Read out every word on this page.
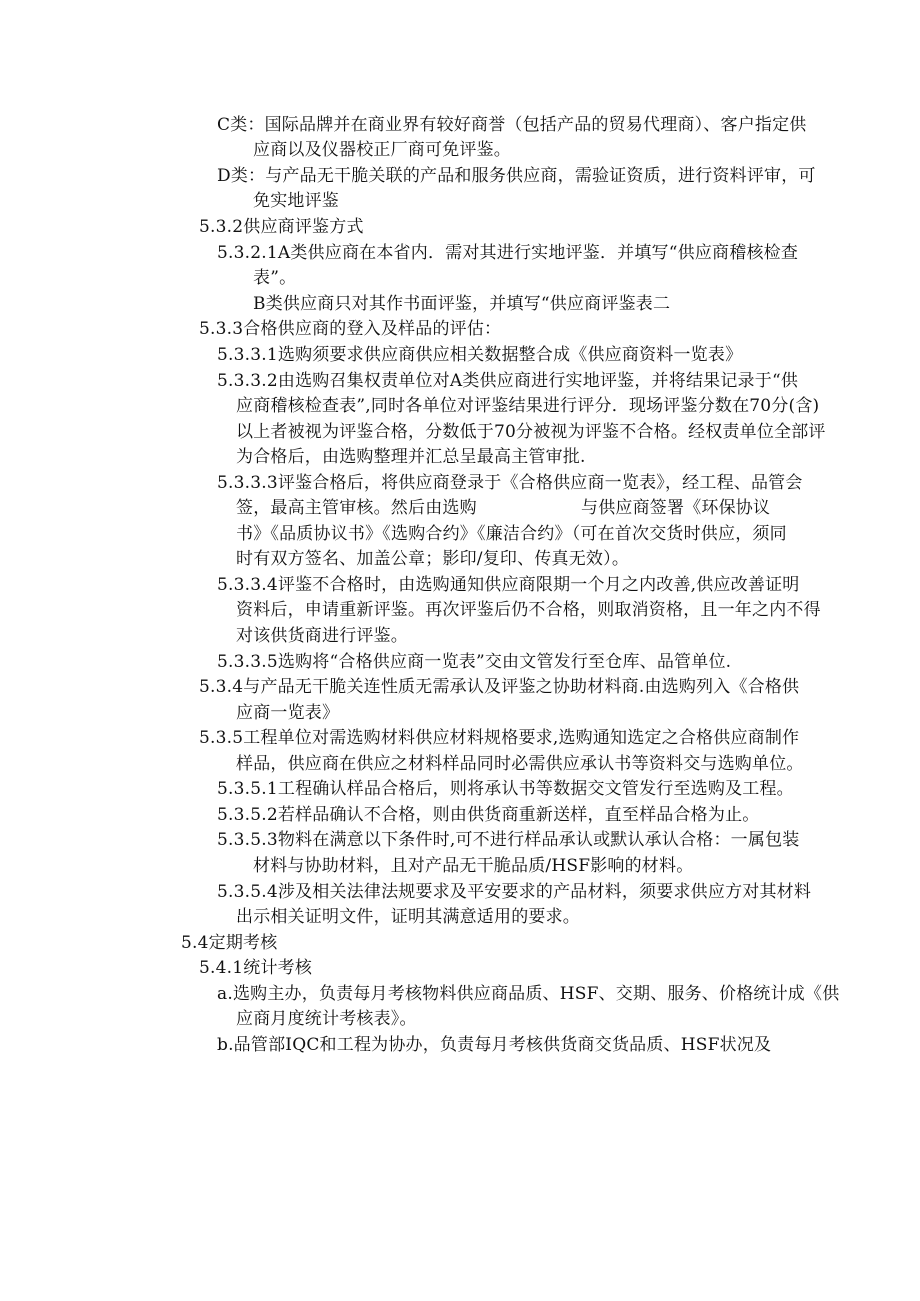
C类：国际品牌并在商业界有较好商誉（包括产品的贸易代理商）、客户指定供
应商以及仪器校正厂商可免评鉴。
D类：与产品无干脆关联的产品和服务供应商，需验证资质，进行资料评审，可
免实地评鉴
5.3.2供应商评鉴方式
5.3.2.1A类供应商在本省内．需对其进行实地评鉴．并填写“供应商稽核检查
表”。
B类供应商只对其作书面评鉴，并填写“供应商评鉴表二
5.3.3合格供应商的登入及样品的评估：
5.3.3.1选购须要求供应商供应相关数据整合成《供应商资料一览表》
5.3.3.2由选购召集权责单位对A类供应商进行实地评鉴，并将结果记录于“供
应商稽核检查表”,同时各单位对评鉴结果进行评分．现场评鉴分数在70分(含)
以上者被视为评鉴合格，分数低于70分被视为评鉴不合格。经权责单位全部评
为合格后，由选购整理并汇总呈最高主管审批.
5.3.3.3评鉴合格后，将供应商登录于《合格供应商一览表》，经工程、品管会
签，最高主管审核。然后由选购	与供应商签署《环保协议
书》《品质协议书》《选购合约》《廉洁合约》（可在首次交货时供应，须同
时有双方签名、加盖公章；影印/复印、传真无效）。
5.3.3.4评鉴不合格时，由选购通知供应商限期一个月之内改善,供应改善证明
资料后，申请重新评鉴。再次评鉴后仍不合格，则取消资格，且一年之内不得
对该供货商进行评鉴。
5.3.3.5选购将“合格供应商一览表”交由文管发行至仓库、品管单位.
5.3.4与产品无干脆关连性质无需承认及评鉴之协助材料商.由选购列入《合格供
应商一览表》
5.3.5工程单位对需选购材料供应材料规格要求,选购通知选定之合格供应商制作
样品，供应商在供应之材料样品同时必需供应承认书等资料交与选购单位。
5.3.5.1工程确认样品合格后，则将承认书等数据交文管发行至选购及工程。
5.3.5.2若样品确认不合格，则由供货商重新送样，直至样品合格为止。
5.3.5.3物料在满意以下条件时,可不进行样品承认或默认承认合格：一属包装
材料与协助材料，且对产品无干脆品质/HSF影响的材料。
5.3.5.4涉及相关法律法规要求及平安要求的产品材料，须要求供应方对其材料
出示相关证明文件，证明其满意适用的要求。
5.4定期考核
5.4.1统计考核
a.选购主办，负责每月考核物料供应商品质、HSF、交期、服务、价格统计成《供
应商月度统计考核表》。
b.品管部IQC和工程为协办，负责每月考核供货商交货品质、HSF状况及
